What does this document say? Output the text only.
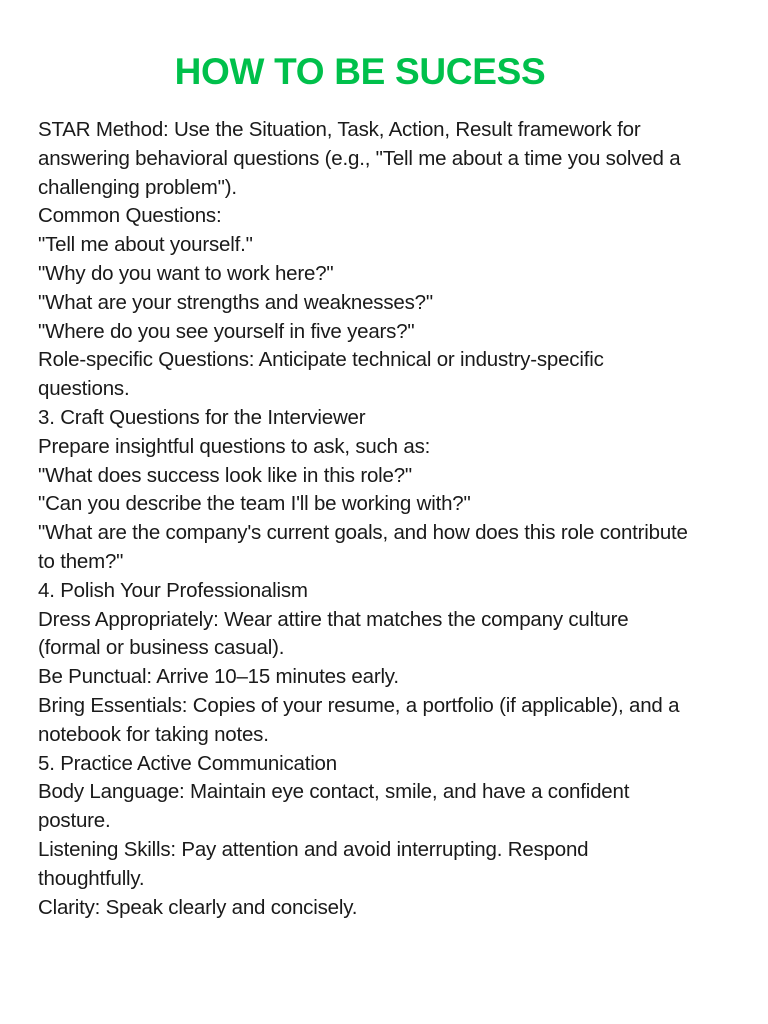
HOW TO BE SUCESS
STAR Method: Use the Situation, Task, Action, Result framework for
answering behavioral questions (e.g., "Tell me about a time you solved a
challenging problem").
Common Questions:
"Tell me about yourself."
"Why do you want to work here?"
"What are your strengths and weaknesses?"
"Where do you see yourself in five years?"
Role-specific Questions: Anticipate technical or industry-specific
questions.
3. Craft Questions for the Interviewer
Prepare insightful questions to ask, such as:
"What does success look like in this role?"
"Can you describe the team I'll be working with?"
"What are the company's current goals, and how does this role contribute
to them?"
4. Polish Your Professionalism
Dress Appropriately: Wear attire that matches the company culture
(formal or business casual).
Be Punctual: Arrive 10–15 minutes early.
Bring Essentials: Copies of your resume, a portfolio (if applicable), and a
notebook for taking notes.
5. Practice Active Communication
Body Language: Maintain eye contact, smile, and have a confident
posture.
Listening Skills: Pay attention and avoid interrupting. Respond
thoughtfully.
Clarity: Speak clearly and concisely.
